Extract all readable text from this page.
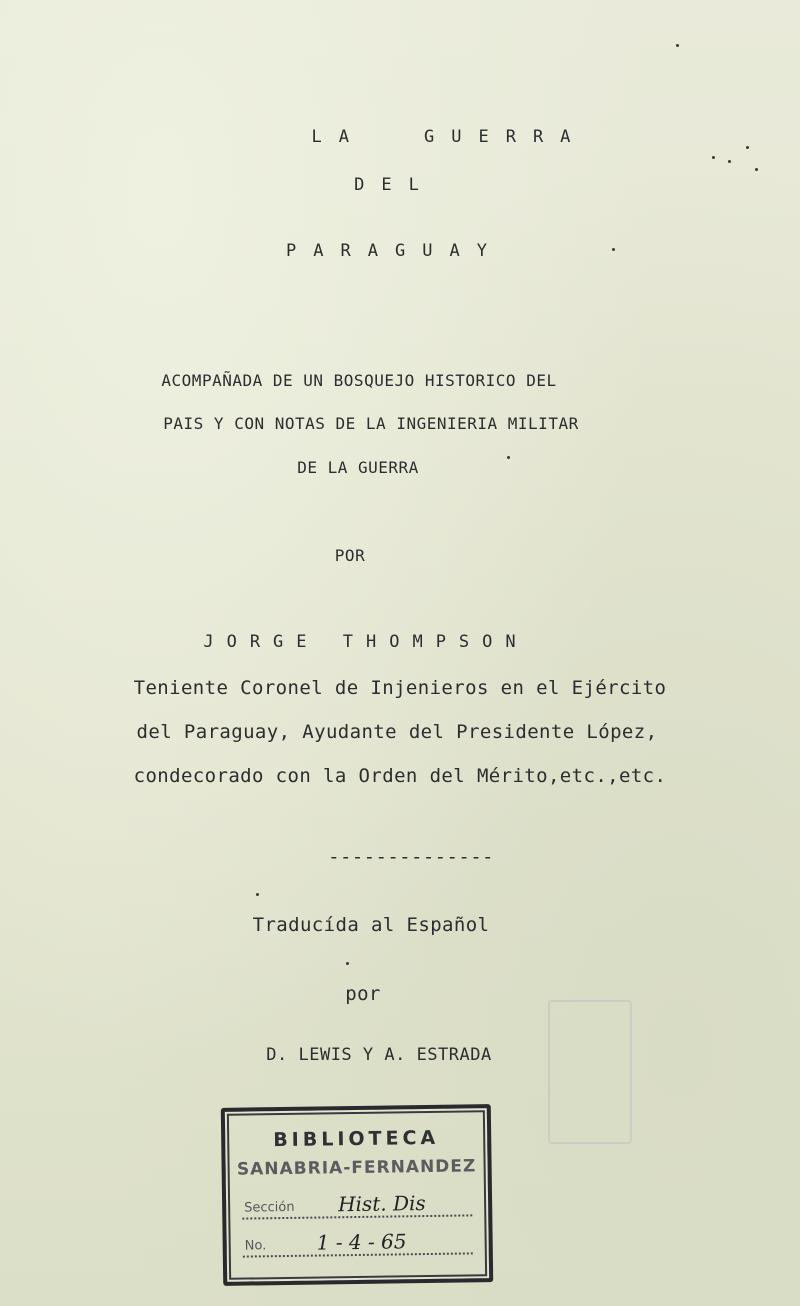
LA	GUERRA

DEL
PARAGUAY
ACOMPAÑADA DE UN BOSQUEJO HISTORICO DEL
PAIS Y CON NOTAS DE LA INGENIERIA MILITAR
DE LA GUERRA
POR
JORGE THOMPSON
Teniente Coronel de Injenieros en el Ejército
del Paraguay, Ayudante del Presidente López,
condecorado con la Orden del Mérito,etc.,etc.
--------------
Traducída al Español
por
D. LEWIS Y A. ESTRADA
BIBLIOTECA
SANABRIA-FERNANDEZ
Sección Hist. Dis
No.	1 - 4 - 65
